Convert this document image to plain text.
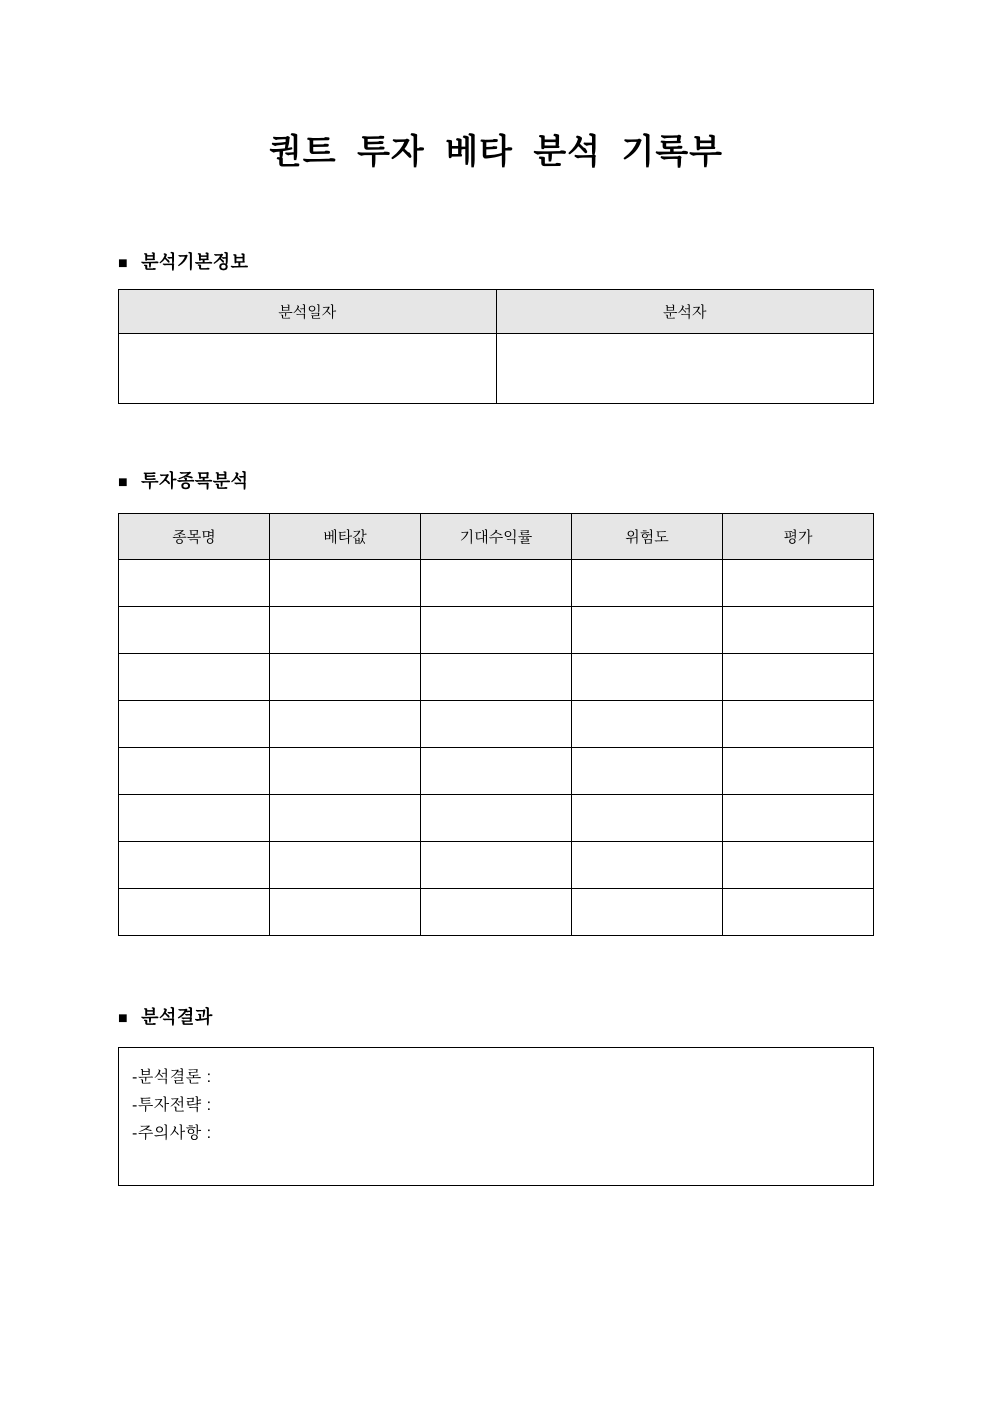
퀀트 투자 베타 분석 기록부
■ 분석기본정보
분석일자	분석자

■ 투자종목분석
종목명	베타값	기대수익률	위험도	평가

■ 분석결과
-분석결론 :
-투자전략 :
-주의사항 :
